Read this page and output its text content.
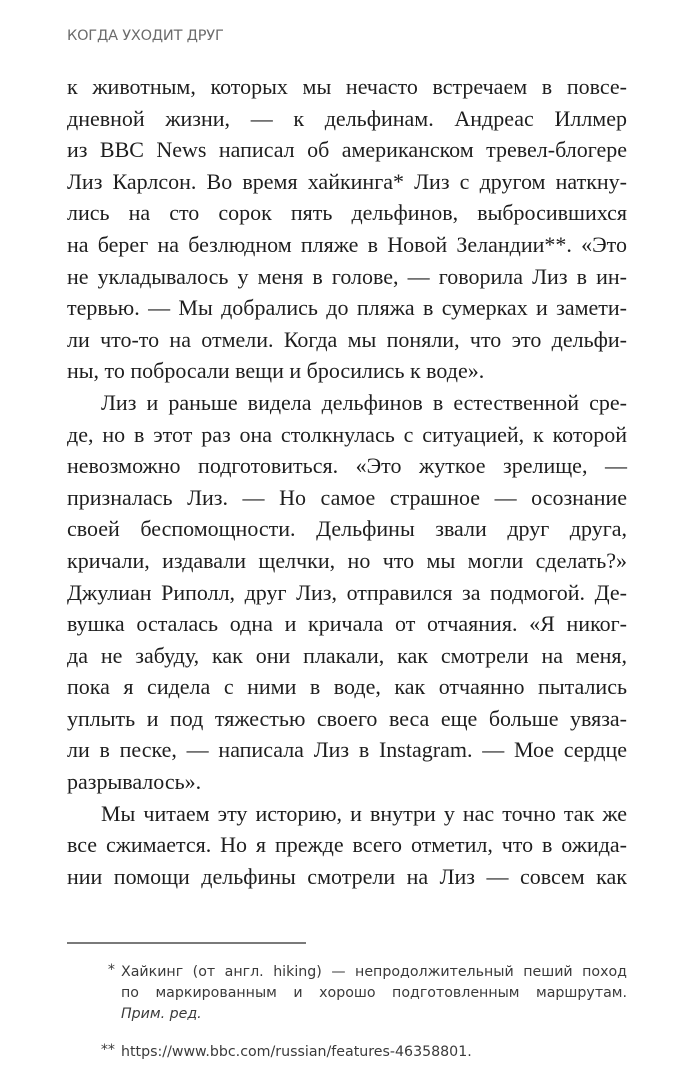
КОГДА УХОДИТ ДРУГ
к животным, которых мы нечасто встречаем в повсе-
дневной жизни, — к дельфинам. Андреас Иллмер
из BBC News написал об американском тревел-блогере
Лиз Карлсон. Во время хайкинга* Лиз с другом наткну-
лись на сто сорок пять дельфинов, выбросившихся
на берег на безлюдном пляже в Новой Зеландии**. «Это
не укладывалось у меня в голове, — говорила Лиз в ин-
тервью. — Мы добрались до пляжа в сумерках и замети-
ли что-то на отмели. Когда мы поняли, что это дельфи-
ны, то побросали вещи и бросились к воде».
Лиз и раньше видела дельфинов в естественной сре-
де, но в этот раз она столкнулась с ситуацией, к которой
невозможно подготовиться. «Это жуткое зрелище, —
призналась Лиз. — Но самое страшное — осознание
своей беспомощности. Дельфины звали друг друга,
кричали, издавали щелчки, но что мы могли сделать?»
Джулиан Риполл, друг Лиз, отправился за подмогой. Де-
вушка осталась одна и кричала от отчаяния. «Я никог-
да не забуду, как они плакали, как смотрели на меня,
пока я сидела с ними в воде, как отчаянно пытались
уплыть и под тяжестью своего веса еще больше увяза-
ли в песке, — написала Лиз в Instagram. — Мое сердце
разрывалось».
Мы читаем эту историю, и внутри у нас точно так же
все сжимается. Но я прежде всего отметил, что в ожида-
нии помощи дельфины смотрели на Лиз — совсем как
* Хайкинг (от англ. hiking) — непродолжительный пеший поход
по маркированным и хорошо подготовленным маршрутам.
Прим. ред.
** https://www.bbc.com/russian/features-46358801.
